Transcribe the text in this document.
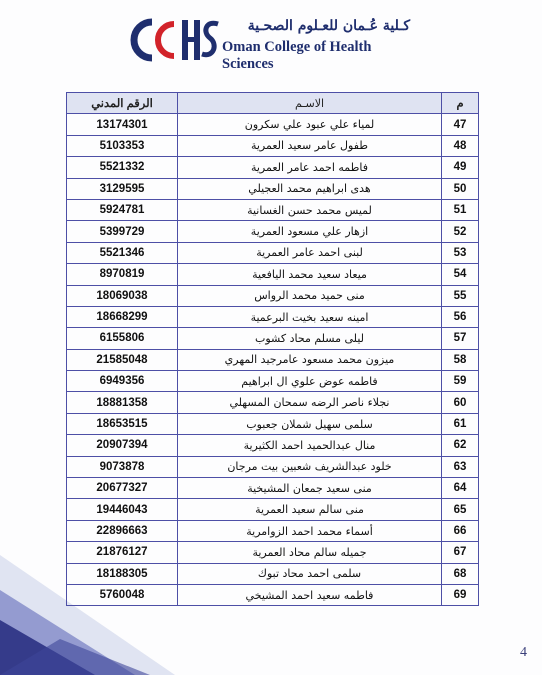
كـلية عُـمان للعـلوم الصحـية
Oman College of Health Sciences
الرقم المدني	الاسـم	م
13174301	لمياء علي عبود علي سكرون	47
5103353	طفول عامر سعيد العمرية	48
5521332	فاطمه احمد عامر العمرية	49
3129595	هدى ابراهيم محمد العجيلي	50
5924781	لميس محمد حسن الغسانية	51
5399729	ازهار علي مسعود العمرية	52
5521346	لبنى احمد عامر العمرية	53
8970819	ميعاد سعيد محمد اليافعية	54
18069038	منى حميد محمد الرواس	55
18668299	امينه سعيد بخيت البرعمية	56
6155806	ليلى مسلم محاد كشوب	57
21585048	ميزون محمد مسعود عامرجيد المهري	58
6949356	فاطمه عوض علوي ال ابراهيم	59
18881358	نجلاء ناصر الرضه سمحان المسهلي	60
18653515	سلمى سهيل شملان جعبوب	61
20907394	منال عبدالحميد احمد الكثيرية	62
9073878	خلود عبدالشريف شعبين بيت مرجان	63
20677327	منى سعيد جمعان المشيخية	64
19446043	منى سالم سعيد العمرية	65
22896663	أسماء محمد احمد الزوامرية	66
21876127	جميله سالم محاد العمرية	67
18188305	سلمى احمد محاد تبوك	68
5760048	فاطمه سعيد احمد المشيخي	69
4
